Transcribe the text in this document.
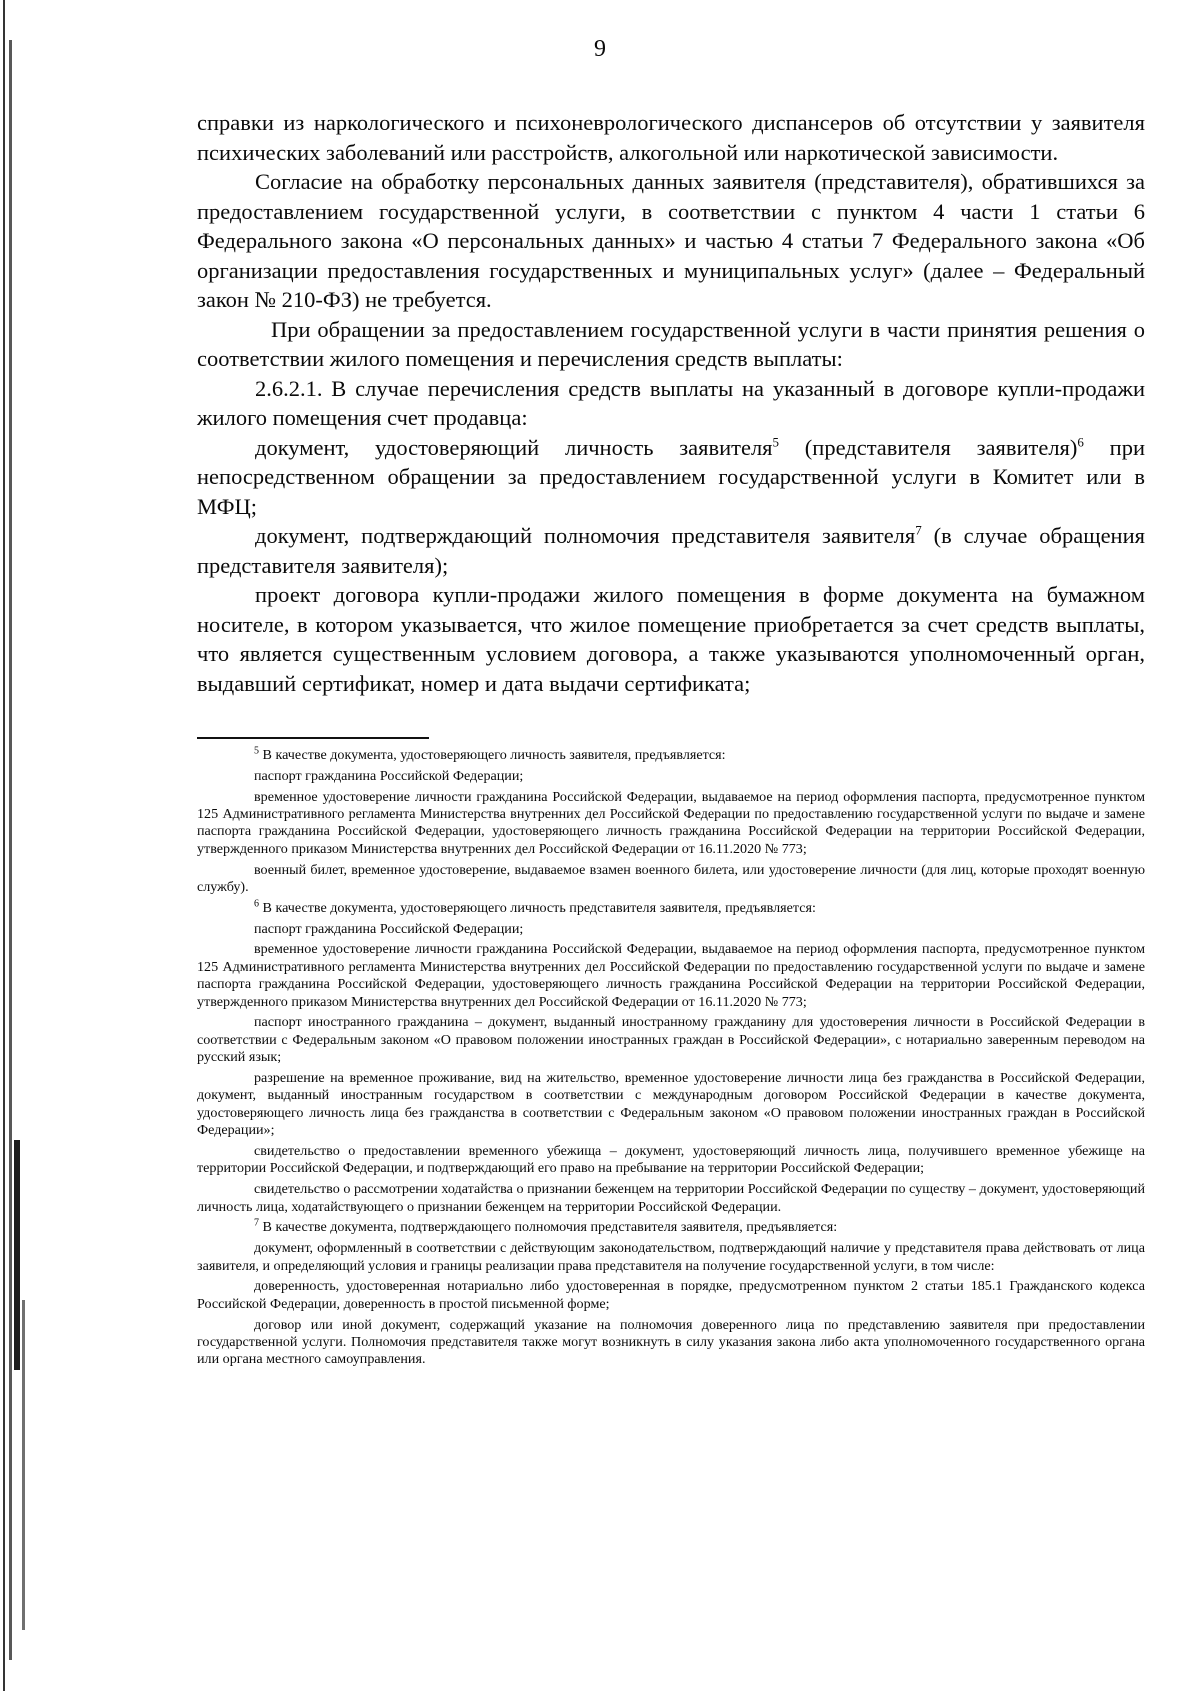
9

справки из наркологического и психоневрологического диспансеров об отсутствии у заявителя психических заболеваний или расстройств, алкогольной или наркотической зависимости.

Согласие на обработку персональных данных заявителя (представителя), обратившихся за предоставлением государственной услуги, в соответствии с пунктом 4 части 1 статьи 6 Федерального закона «О персональных данных» и частью 4 статьи 7 Федерального закона «Об организации предоставления государственных и муниципальных услуг» (далее – Федеральный закон № 210-ФЗ) не требуется.

При обращении за предоставлением государственной услуги в части принятия решения о соответствии жилого помещения и перечисления средств выплаты:

2.6.2.1. В случае перечисления средств выплаты на указанный в договоре купли-продажи жилого помещения счет продавца:

документ, удостоверяющий личность заявителя$^5$ (представителя заявителя)$^6$ при непосредственном обращении за предоставлением государственной услуги в Комитет или в МФЦ;

документ, подтверждающий полномочия представителя заявителя$^7$ (в случае обращения представителя заявителя);

проект договора купли-продажи жилого помещения в форме документа на бумажном носителе, в котором указывается, что жилое помещение приобретается за счет средств выплаты, что является существенным условием договора, а также указываются уполномоченный орган, выдавший сертификат, номер и дата выдачи сертификата;

$^5$ В качестве документа, удостоверяющего личность заявителя, предъявляется:

паспорт гражданина Российской Федерации;

временное удостоверение личности гражданина Российской Федерации, выдаваемое на период оформления паспорта, предусмотренное пунктом 125 Административного регламента Министерства внутренних дел Российской Федерации по предоставлению государственной услуги по выдаче и замене паспорта гражданина Российской Федерации, удостоверяющего личность гражданина Российской Федерации на территории Российской Федерации, утвержденного приказом Министерства внутренних дел Российской Федерации от 16.11.2020 № 773;

военный билет, временное удостоверение, выдаваемое взамен военного билета, или удостоверение личности (для лиц, которые проходят военную службу).

$^6$ В качестве документа, удостоверяющего личность представителя заявителя, предъявляется:

паспорт гражданина Российской Федерации;

временное удостоверение личности гражданина Российской Федерации, выдаваемое на период оформления паспорта, предусмотренное пунктом 125 Административного регламента Министерства внутренних дел Российской Федерации по предоставлению государственной услуги по выдаче и замене паспорта гражданина Российской Федерации, удостоверяющего личность гражданина Российской Федерации на территории Российской Федерации, утвержденного приказом Министерства внутренних дел Российской Федерации от 16.11.2020 № 773;

паспорт иностранного гражданина – документ, выданный иностранному гражданину для удостоверения личности в Российской Федерации в соответствии с Федеральным законом «О правовом положении иностранных граждан в Российской Федерации», с нотариально заверенным переводом на русский язык;

разрешение на временное проживание, вид на жительство, временное удостоверение личности лица без гражданства в Российской Федерации, документ, выданный иностранным государством в соответствии с международным договором Российской Федерации в качестве документа, удостоверяющего личность лица без гражданства в соответствии с Федеральным законом «О правовом положении иностранных граждан в Российской Федерации»;

свидетельство о предоставлении временного убежища – документ, удостоверяющий личность лица, получившего временное убежище на территории Российской Федерации, и подтверждающий его право на пребывание на территории Российской Федерации;

свидетельство о рассмотрении ходатайства о признании беженцем на территории Российской Федерации по существу – документ, удостоверяющий личность лица, ходатайствующего о признании беженцем на территории Российской Федерации.

$^7$ В качестве документа, подтверждающего полномочия представителя заявителя, предъявляется:

документ, оформленный в соответствии с действующим законодательством, подтверждающий наличие у представителя права действовать от лица заявителя, и определяющий условия и границы реализации права представителя на получение государственной услуги, в том числе:

доверенность, удостоверенная нотариально либо удостоверенная в порядке, предусмотренном пунктом 2 статьи 185.1 Гражданского кодекса Российской Федерации, доверенность в простой письменной форме;

договор или иной документ, содержащий указание на полномочия доверенного лица по представлению заявителя при предоставлении государственной услуги. Полномочия представителя также могут возникнуть в силу указания закона либо акта уполномоченного государственного органа или органа местного самоуправления.
